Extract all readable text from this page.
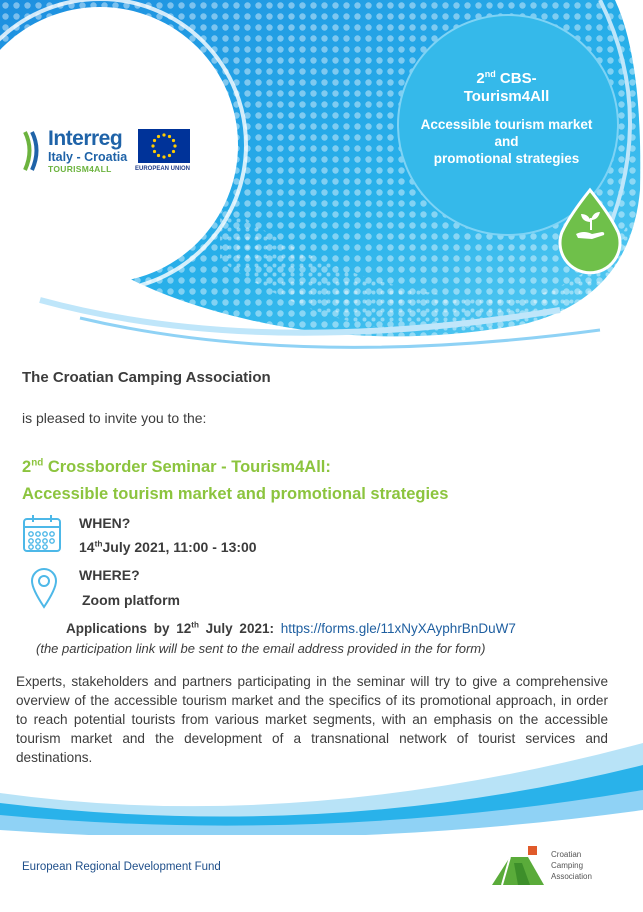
Interreg
Italy - Croatia
TOURISM4ALL	EUROPEAN UNION
2nd CBS-
Tourism4All
Accessible tourism market
and
promotional strategies
The Croatian Camping Association
is pleased to invite you to the:
2nd Crossborder Seminar - Tourism4All:
Accessible tourism market and promotional strategies
WHEN?
14thJuly 2021, 11:00 - 13:00
WHERE?
Zoom platform
Applications by 12th July 2021: https://forms.gle/11xNyXAyphrBnDuW7
(the participation link will be sent to the email address provided in the for form)
Experts, stakeholders and partners participating in the seminar will try to give a comprehensive overview of the accessible tourism market and the specifics of its promotional approach, in order to reach potential tourists from various market segments, with an emphasis on the accessible tourism market and the development of a transnational network of tourist services and destinations.
European Regional Development Fund
Croatian
Camping
Association
